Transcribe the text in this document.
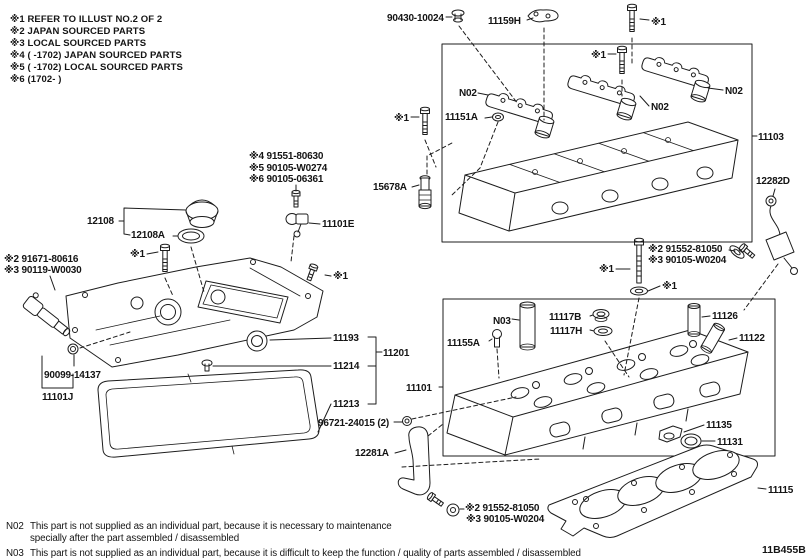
※1 REFER TO ILLUST NO.2 OF 2
※2 JAPAN SOURCED PARTS
※3 LOCAL SOURCED PARTS
※4 ( -1702) JAPAN SOURCED PARTS
※5 ( -1702) LOCAL SOURCED PARTS
※6 (1702- )
90430-10024	11159H	※1
※1
N02
N02
N02
11151A
11103
12282D
※1
※4 91551-80630
※5 90105-W0274
※6 90105-06361
15678A
12108
12108A
11101E
※1
※2 91671-80616
※3 90119-W0030
※1
90099-14137
11101J
11193
11201
11214
11213
11101
96721-24015 (2)
12281A
N03	11117B
11117H
11155A
※1
※2 91552-81050
※3 90105-W0204
※1
11126
11122
11135
11131
11115
※2 91552-81050
※3 90105-W0204
N02 This part is not supplied as an individual part, because it is necessary to maintenance
specially after the part assembled / disassembled
N03 This part is not supplied as an individual part, because it is difficult to keep the function / quality of parts assembled / disassembled	11B455B
